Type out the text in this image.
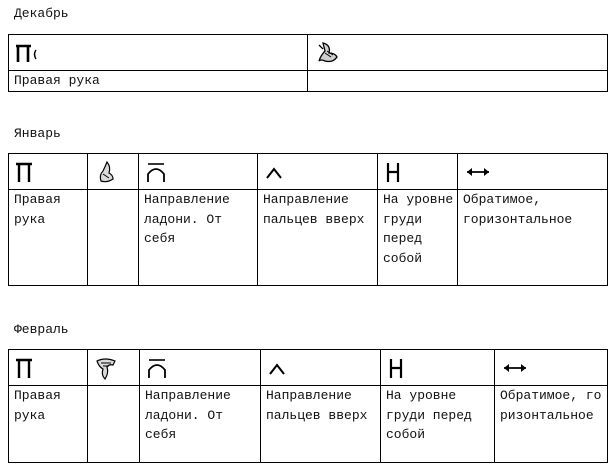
Декабрь

Правая рука	
Январь

Правая рука		Направление ладони. От себя	Направление пальцев вверх	На уровне груди перед собой	Обратимое, горизонтальное
Февраль

Правая рука		Направление ладони. От себя	Направление пальцев вверх	На уровне груди перед собой	Обратимое, горизонтальное
